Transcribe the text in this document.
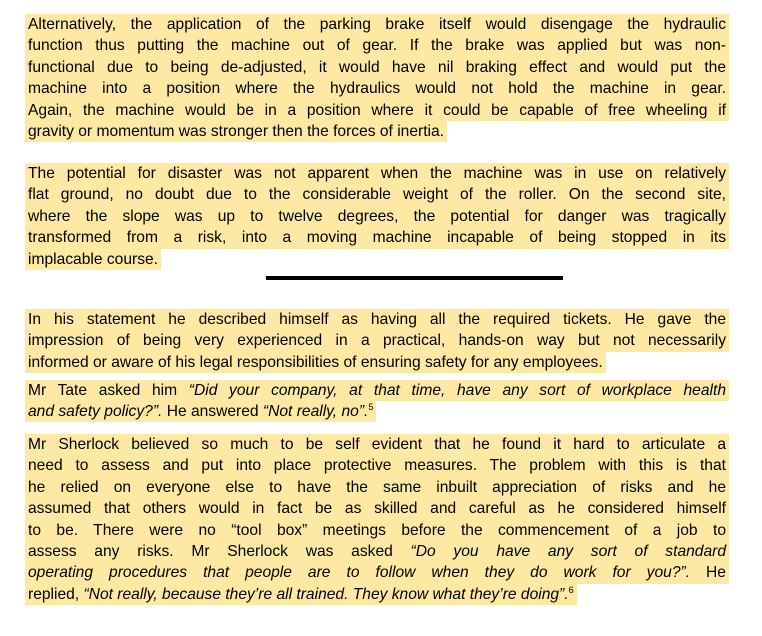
Alternatively, the application of the parking brake itself would disengage the hydraulic
function thus putting the machine out of gear. If the brake was applied but was non-
functional due to being de-adjusted, it would have nil braking effect and would put the
machine into a position where the hydraulics would not hold the machine in gear.
Again, the machine would be in a position where it could be capable of free wheeling if
gravity or momentum was stronger then the forces of inertia.
The potential for disaster was not apparent when the machine was in use on relatively
flat ground, no doubt due to the considerable weight of the roller. On the second site,
where the slope was up to twelve degrees, the potential for danger was tragically
transformed from a risk, into a moving machine incapable of being stopped in its
implacable course.
In his statement he described himself as having all the required tickets. He gave the
impression of being very experienced in a practical, hands-on way but not necessarily
informed or aware of his legal responsibilities of ensuring safety for any employees.
Mr Tate asked him “Did your company, at that time, have any sort of workplace health
and safety policy?”. He answered “Not really, no”.$^5$
Mr Sherlock believed so much to be self evident that he found it hard to articulate a
need to assess and put into place protective measures. The problem with this is that
he relied on everyone else to have the same inbuilt appreciation of risks and he
assumed that others would in fact be as skilled and careful as he considered himself
to be. There were no “tool box” meetings before the commencement of a job to
assess any risks. Mr Sherlock was asked “Do you have any sort of standard
operating procedures that people are to follow when they do work for you?”. He
replied, “Not really, because they’re all trained. They know what they’re doing”.$^6$
